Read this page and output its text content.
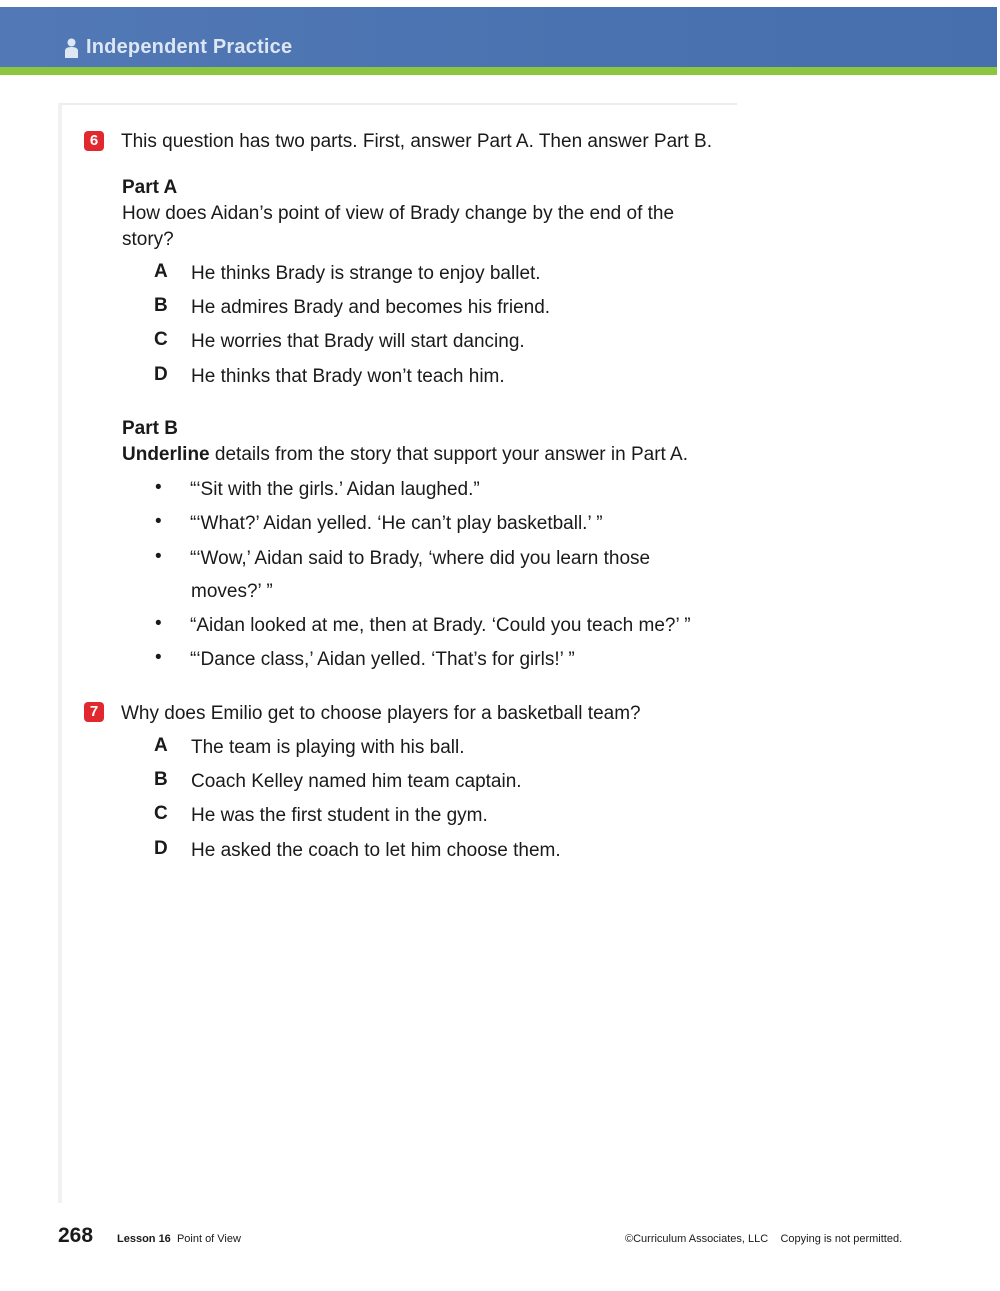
Independent Practice
6	This question has two parts. First, answer Part A. Then answer Part B.
Part A
How does Aidan’s point of view of Brady change by the end of the
story?
A	He thinks Brady is strange to enjoy ballet.
B	He admires Brady and becomes his friend.
C	He worries that Brady will start dancing.
D	He thinks that Brady won’t teach him.
Part B
Underline details from the story that support your answer in Part A.
• “‘Sit with the girls.’ Aidan laughed.”
• “‘What?’ Aidan yelled. ‘He can’t play basketball.’ ”
• “‘Wow,’ Aidan said to Brady, ‘where did you learn those
moves?’ ”
• “Aidan looked at me, then at Brady. ‘Could you teach me?’ ”
• “‘Dance class,’ Aidan yelled. ‘That’s for girls!’ ”
7	Why does Emilio get to choose players for a basketball team?
A	The team is playing with his ball.
B	Coach Kelley named him team captain.
C	He was the first student in the gym.
D	He asked the coach to let him choose them.
268 Lesson 16 Point of View	©Curriculum Associates, LLC Copying is not permitted.
